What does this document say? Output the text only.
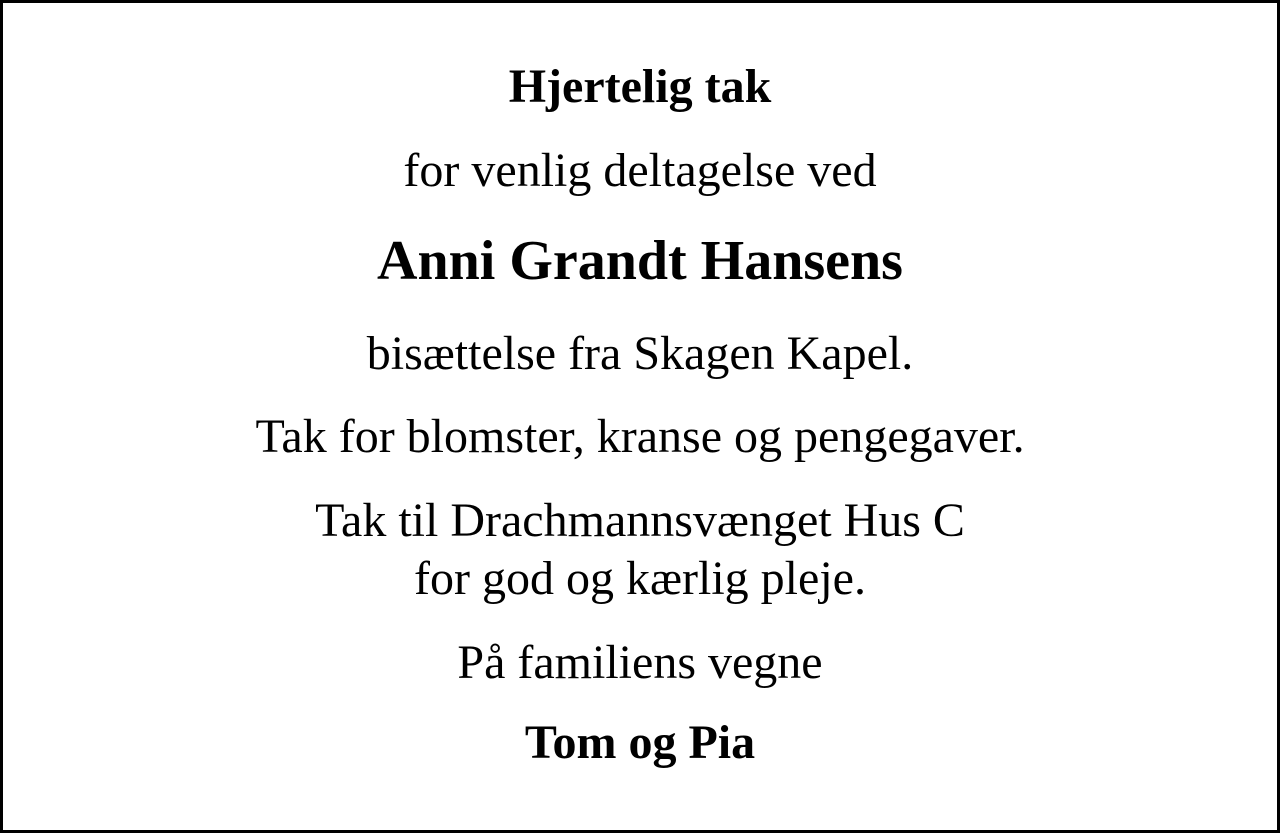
Hjertelig tak

for venlig deltagelse ved

Anni Grandt Hansens

bisættelse fra Skagen Kapel.

Tak for blomster, kranse og pengegaver.

Tak til Drachmannsvænget Hus C

for god og kærlig pleje.

På familiens vegne

Tom og Pia
